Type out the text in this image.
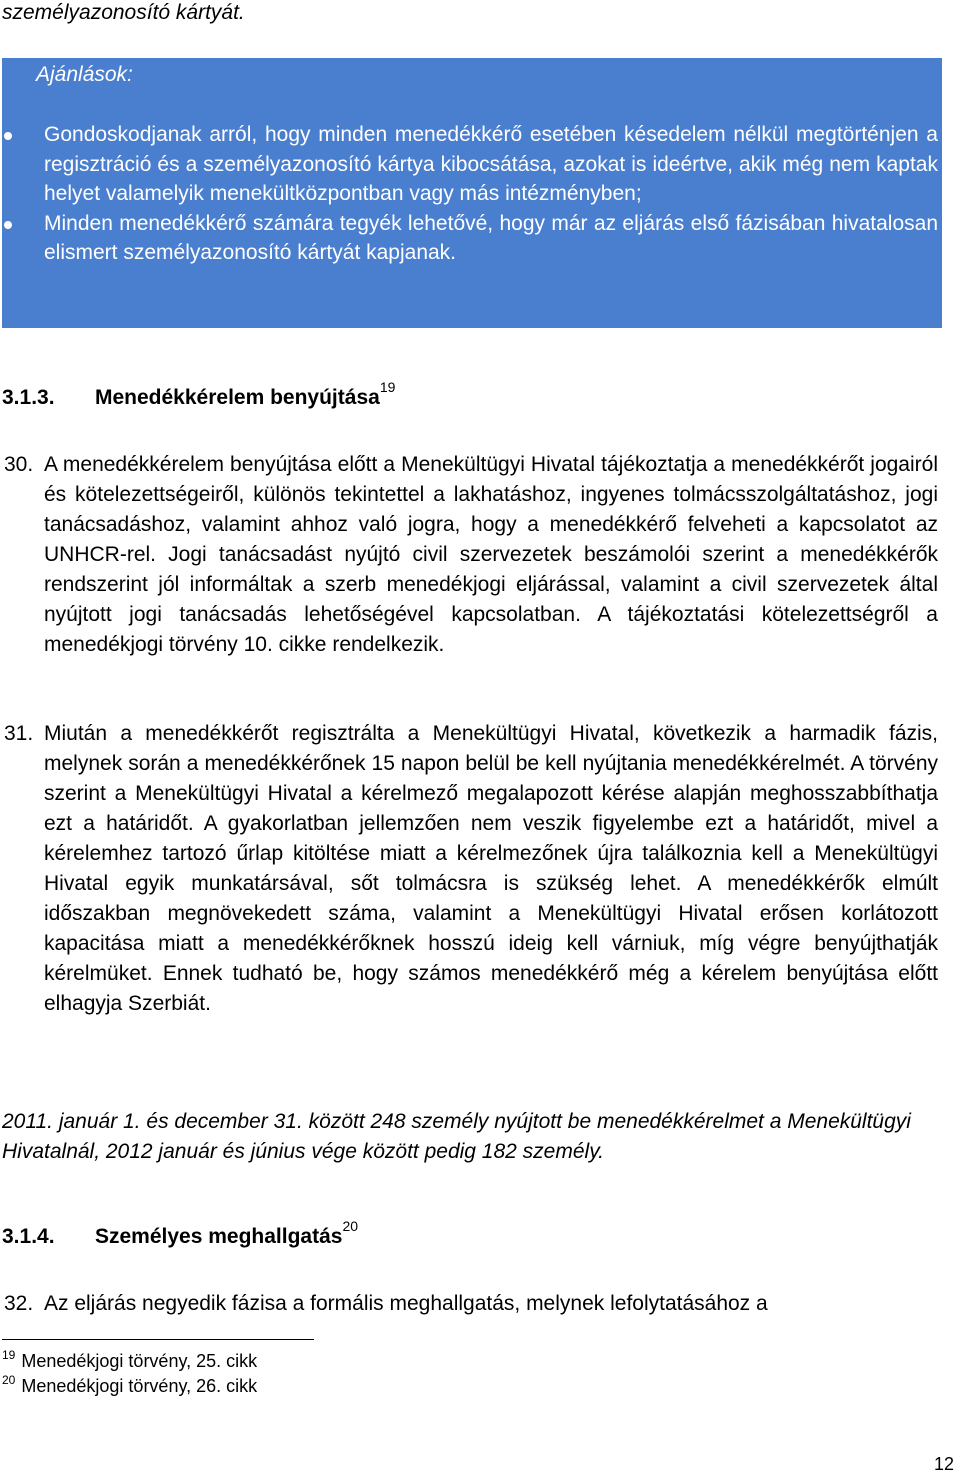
személyazonosító kártyát.
Ajánlások:
Gondoskodjanak arról, hogy minden menedékkérő esetében késedelem nélkül megtörténjen a regisztráció és a személyazonosító kártya kibocsátása, azokat is ideértve, akik még nem kaptak helyet valamelyik menekültközpontban vagy más intézményben;
Minden menedékkérő számára tegyék lehetővé, hogy már az eljárás első fázisában hivatalosan elismert személyazonosító kártyát kapjanak.
3.1.3. Menedékkérelem benyújtása$^{19}$
30. A menedékkérelem benyújtása előtt a Menekültügyi Hivatal tájékoztatja a menedékkérőt jogairól és kötelezettségeiről, különös tekintettel a lakhatáshoz, ingyenes tolmácsszolgáltatáshoz, jogi tanácsadáshoz, valamint ahhoz való jogra, hogy a menedékkérő felveheti a kapcsolatot az UNHCR-rel. Jogi tanácsadást nyújtó civil szervezetek beszámolói szerint a menedékkérők rendszerint jól informáltak a szerb menedékjogi eljárással, valamint a civil szervezetek által nyújtott jogi tanácsadás lehetőségével kapcsolatban. A tájékoztatási kötelezettségről a menedékjogi törvény 10. cikke rendelkezik.
31. Miután a menedékkérőt regisztrálta a Menekültügyi Hivatal, következik a harmadik fázis, melynek során a menedékkérőnek 15 napon belül be kell nyújtania menedékkérelmét. A törvény szerint a Menekültügyi Hivatal a kérelmező megalapozott kérése alapján meghosszabbíthatja ezt a határidőt. A gyakorlatban jellemzően nem veszik figyelembe ezt a határidőt, mivel a kérelemhez tartozó űrlap kitöltése miatt a kérelmezőnek újra találkoznia kell a Menekültügyi Hivatal egyik munkatársával, sőt tolmácsra is szükség lehet. A menedékkérők elmúlt időszakban megnövekedett száma, valamint a Menekültügyi Hivatal erősen korlátozott kapacitása miatt a menedékkérőknek hosszú ideig kell várniuk, míg végre benyújthatják kérelmüket. Ennek tudható be, hogy számos menedékkérő még a kérelem benyújtása előtt elhagyja Szerbiát.
2011. január 1. és december 31. között 248 személy nyújtott be menedékkérelmet a Menekültügyi Hivatalnál, 2012 január és június vége között pedig 182 személy.
3.1.4. Személyes meghallgatás$^{20}$
32. Az eljárás negyedik fázisa a formális meghallgatás, melynek lefolytatásához a
$^{19}$ Menedékjogi törvény, 25. cikk
$^{20}$ Menedékjogi törvény, 26. cikk
12
